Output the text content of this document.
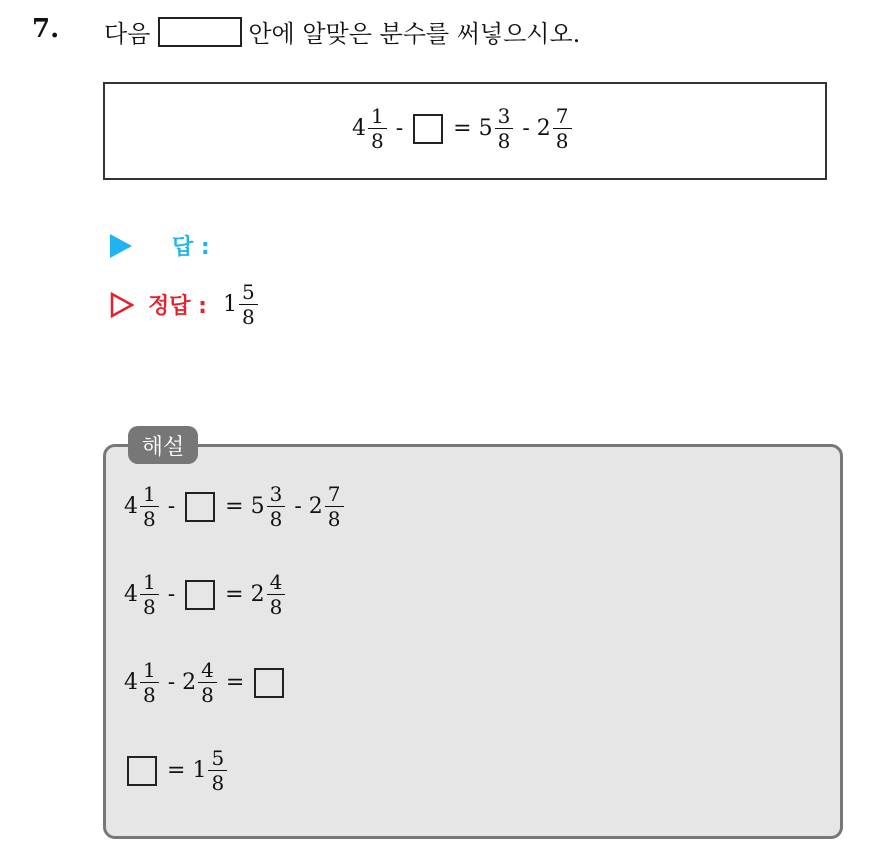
7. 다음	안에 알맞은 분수를 써넣으시오.
$4 \frac{1}{8}$ - = $5 \frac{3}{8} - 2 \frac{7}{8}$
답 :
정답 : $1 \frac{5}{8}$
해설
$4 \frac{1}{8}$ - = $5 \frac{3}{8} - 2 \frac{7}{8}$
$4 \frac{1}{8}$ - = $2 \frac{4}{8}$
$4 \frac{1}{8} - 2 \frac{4}{8}$ =
= $1 \frac{5}{8}$
